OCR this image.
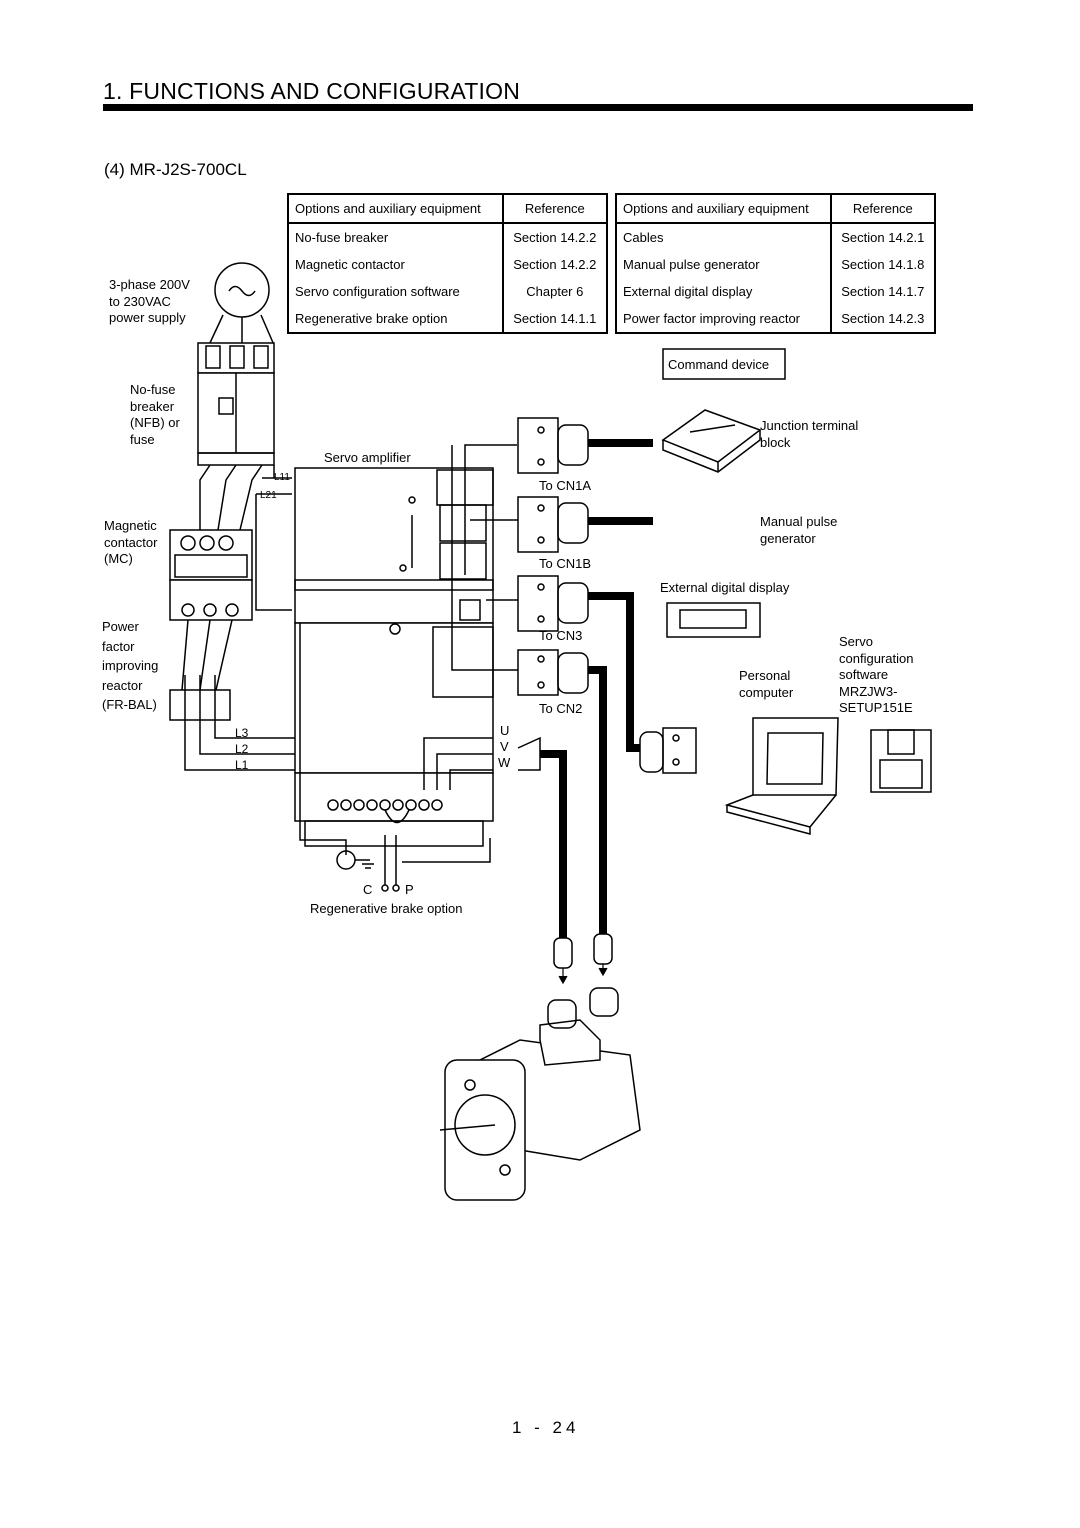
1. FUNCTIONS AND CONFIGURATION
(4) MR-J2S-700CL
Options and auxiliary equipment	Reference
No-fuse breaker	Section 14.2.2
Magnetic contactor	Section 14.2.2
Servo configuration software	Chapter 6
Regenerative brake option	Section 14.1.1
Options and auxiliary equipment	Reference
Cables	Section 14.2.1
Manual pulse generator	Section 14.1.8
External digital display	Section 14.1.7
Power factor improving reactor	Section 14.2.3
3-phase 200V
to 230VAC
power supply
No-fuse
breaker
(NFB) or
fuse
Magnetic
contactor
(MC)
Power
factor
improving
reactor
(FR-BAL)
Servo amplifier
L11
L21
L3
L2
L1
U
V
W
C	P
Regenerative brake option
To CN1A
To CN1B
To CN3
To CN2
Command device
Junction terminal
block
Manual pulse
generator
External digital display
Personal
computer
Servo
configuration
software
MRZJW3-
SETUP151E
1 - 24
